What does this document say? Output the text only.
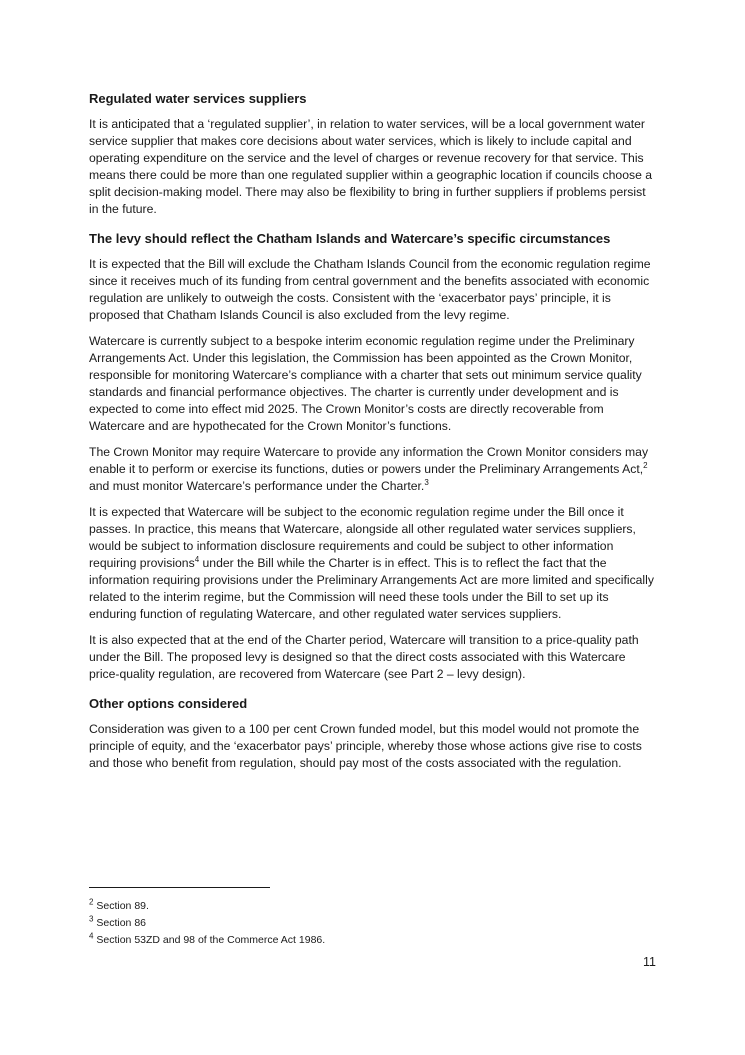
Regulated water services suppliers

It is anticipated that a ‘regulated supplier’, in relation to water services, will be a local government water service supplier that makes core decisions about water services, which is likely to include capital and operating expenditure on the service and the level of charges or revenue recovery for that service. This means there could be more than one regulated supplier within a geographic location if councils choose a split decision-making model. There may also be flexibility to bring in further suppliers if problems persist in the future.

The levy should reflect the Chatham Islands and Watercare’s specific circumstances

It is expected that the Bill will exclude the Chatham Islands Council from the economic regulation regime since it receives much of its funding from central government and the benefits associated with economic regulation are unlikely to outweigh the costs. Consistent with the ‘exacerbator pays’ principle, it is proposed that Chatham Islands Council is also excluded from the levy regime.

Watercare is currently subject to a bespoke interim economic regulation regime under the Preliminary Arrangements Act. Under this legislation, the Commission has been appointed as the Crown Monitor, responsible for monitoring Watercare’s compliance with a charter that sets out minimum service quality standards and financial performance objectives. The charter is currently under development and is expected to come into effect mid 2025. The Crown Monitor’s costs are directly recoverable from Watercare and are hypothecated for the Crown Monitor’s functions.

The Crown Monitor may require Watercare to provide any information the Crown Monitor considers may enable it to perform or exercise its functions, duties or powers under the Preliminary Arrangements Act,$^2$ and must monitor Watercare’s performance under the Charter.$^3$

It is expected that Watercare will be subject to the economic regulation regime under the Bill once it passes. In practice, this means that Watercare, alongside all other regulated water services suppliers, would be subject to information disclosure requirements and could be subject to other information requiring provisions$^4$ under the Bill while the Charter is in effect. This is to reflect the fact that the information requiring provisions under the Preliminary Arrangements Act are more limited and specifically related to the interim regime, but the Commission will need these tools under the Bill to set up its enduring function of regulating Watercare, and other regulated water services suppliers.

It is also expected that at the end of the Charter period, Watercare will transition to a price-quality path under the Bill. The proposed levy is designed so that the direct costs associated with this Watercare price-quality regulation, are recovered from Watercare (see Part 2 – levy design).

Other options considered

Consideration was given to a 100 per cent Crown funded model, but this model would not promote the principle of equity, and the ‘exacerbator pays’ principle, whereby those whose actions give rise to costs and those who benefit from regulation, should pay most of the costs associated with the regulation.

$^2$ Section 89.
$^3$ Section 86
$^4$ Section 53ZD and 98 of the Commerce Act 1986.
11
